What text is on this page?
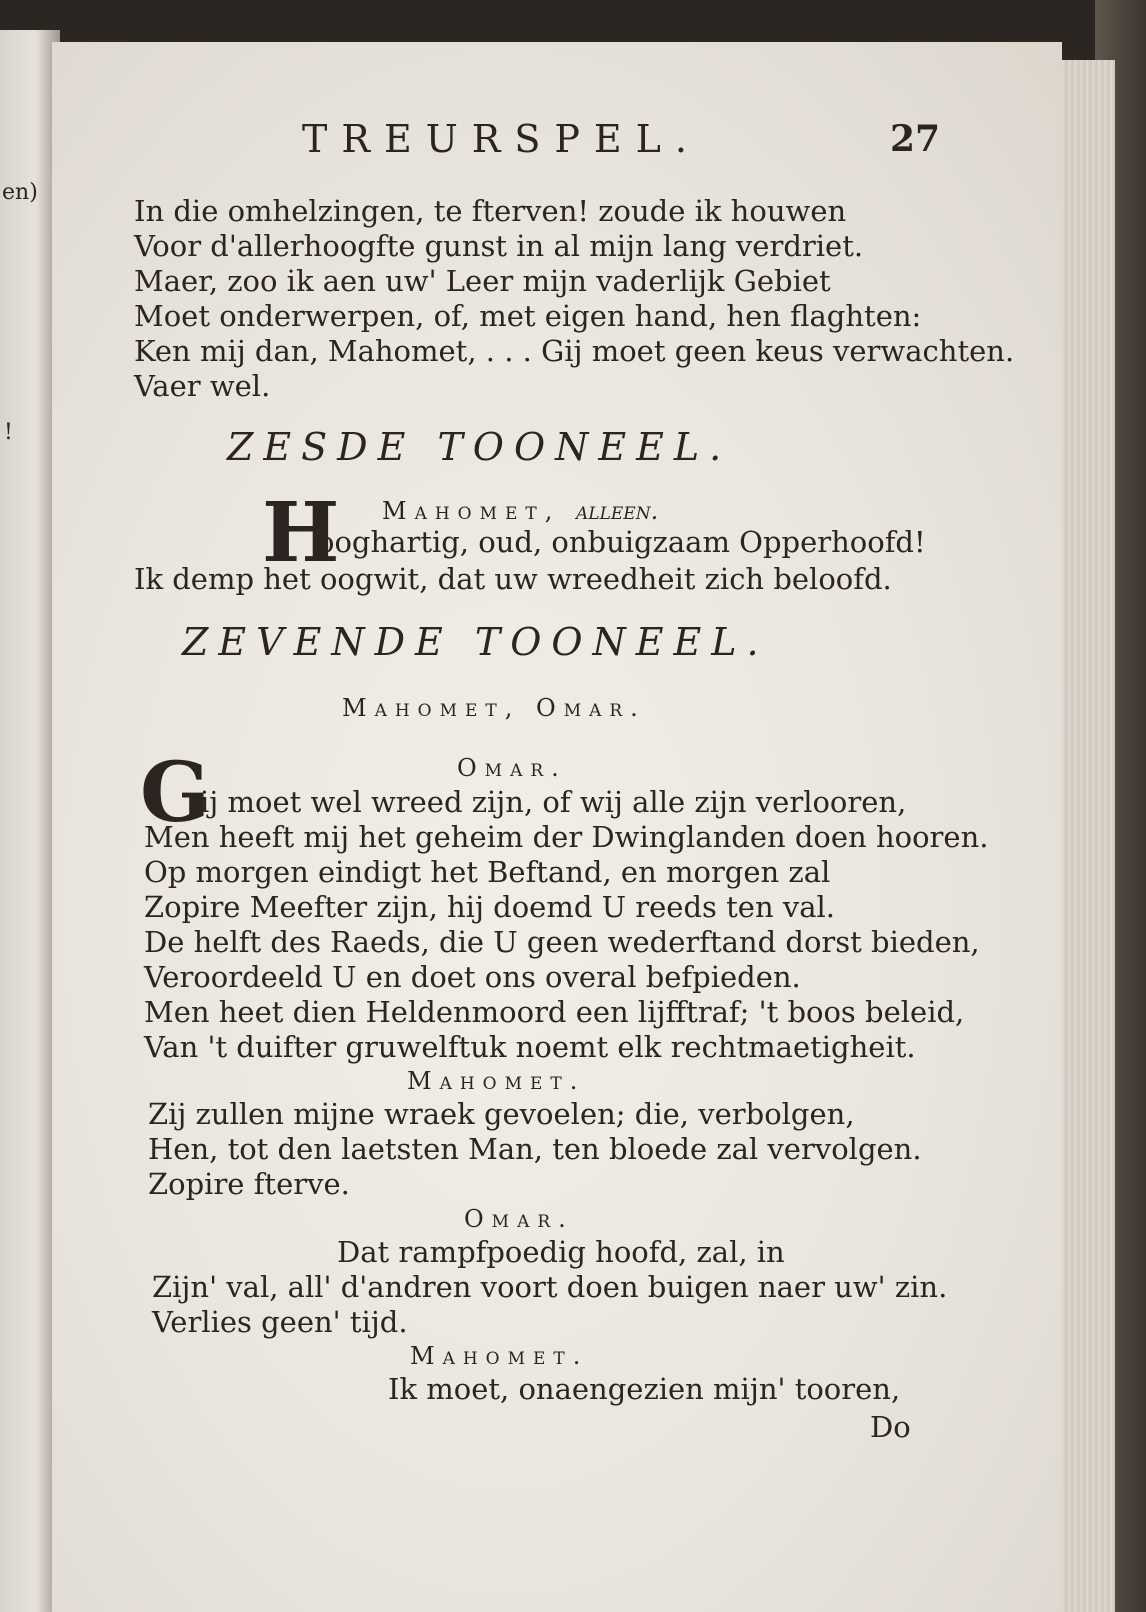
en)
!
TREURSPEL.	27
In die omhelzingen, te fterven! zoude ik houwen
Voor d'allerhoogfte gunst in al mijn lang verdriet.
Maer, zoo ik aen uw' Leer mijn vaderlijk Gebiet
Moet onderwerpen, of, met eigen hand, hen flaghten:
Ken mij dan, Mahomet, . . . Gij moet geen keus verwachten.
Vaer wel.
ZESDE TOONEEL.
Mahomet, alleen.
H
ooghartig, oud, onbuigzaam Opperhoofd!
Ik demp het oogwit, dat uw wreedheit zich beloofd.
ZEVENDE TOONEEL.
Mahomet, Omar.
Omar.
G
ij moet wel wreed zijn, of wij alle zijn verlooren,
Men heeft mij het geheim der Dwinglanden doen hooren.
Op morgen eindigt het Beftand, en morgen zal
Zopire Meefter zijn, hij doemd U reeds ten val.
De helft des Raeds, die U geen wederftand dorst bieden,
Veroordeeld U en doet ons overal befpieden.
Men heet dien Heldenmoord een lijfftraf; 't boos beleid,
Van 't duifter gruwelftuk noemt elk rechtmaetigheit.
Mahomet.
Zij zullen mijne wraek gevoelen; die, verbolgen,
Hen, tot den laetsten Man, ten bloede zal vervolgen.
Zopire fterve.
Omar.
Dat rampfpoedig hoofd, zal, in
Zijn' val, all' d'andren voort doen buigen naer uw' zin.
Verlies geen' tijd.
Mahomet.
Ik moet, onaengezien mijn' tooren,
Do
